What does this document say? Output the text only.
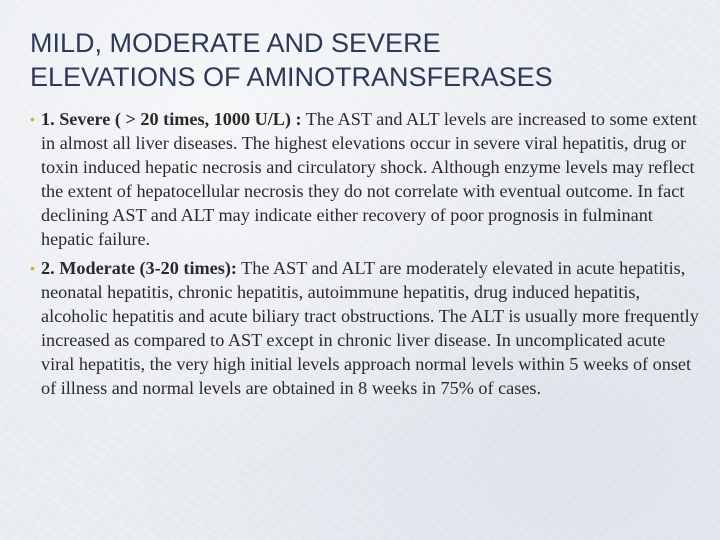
MILD, MODERATE AND SEVERE
ELEVATIONS OF AMINOTRANSFERASES
• 1. Severe ( > 20 times, 1000 U/L) : The AST and ALT levels are increased to some extent in almost all liver diseases. The highest elevations occur in severe viral hepatitis, drug or toxin induced hepatic necrosis and circulatory shock. Although enzyme levels may reflect the extent of hepatocellular necrosis they do not correlate with eventual outcome. In fact declining AST and ALT may indicate either recovery of poor prognosis in fulminant hepatic failure.
• 2. Moderate (3-20 times): The AST and ALT are moderately elevated in acute hepatitis, neonatal hepatitis, chronic hepatitis, autoimmune hepatitis, drug induced hepatitis, alcoholic hepatitis and acute biliary tract obstructions. The ALT is usually more frequently increased as compared to AST except in chronic liver disease. In uncomplicated acute viral hepatitis, the very high initial levels approach normal levels within 5 weeks of onset of illness and normal levels are obtained in 8 weeks in 75% of cases.
